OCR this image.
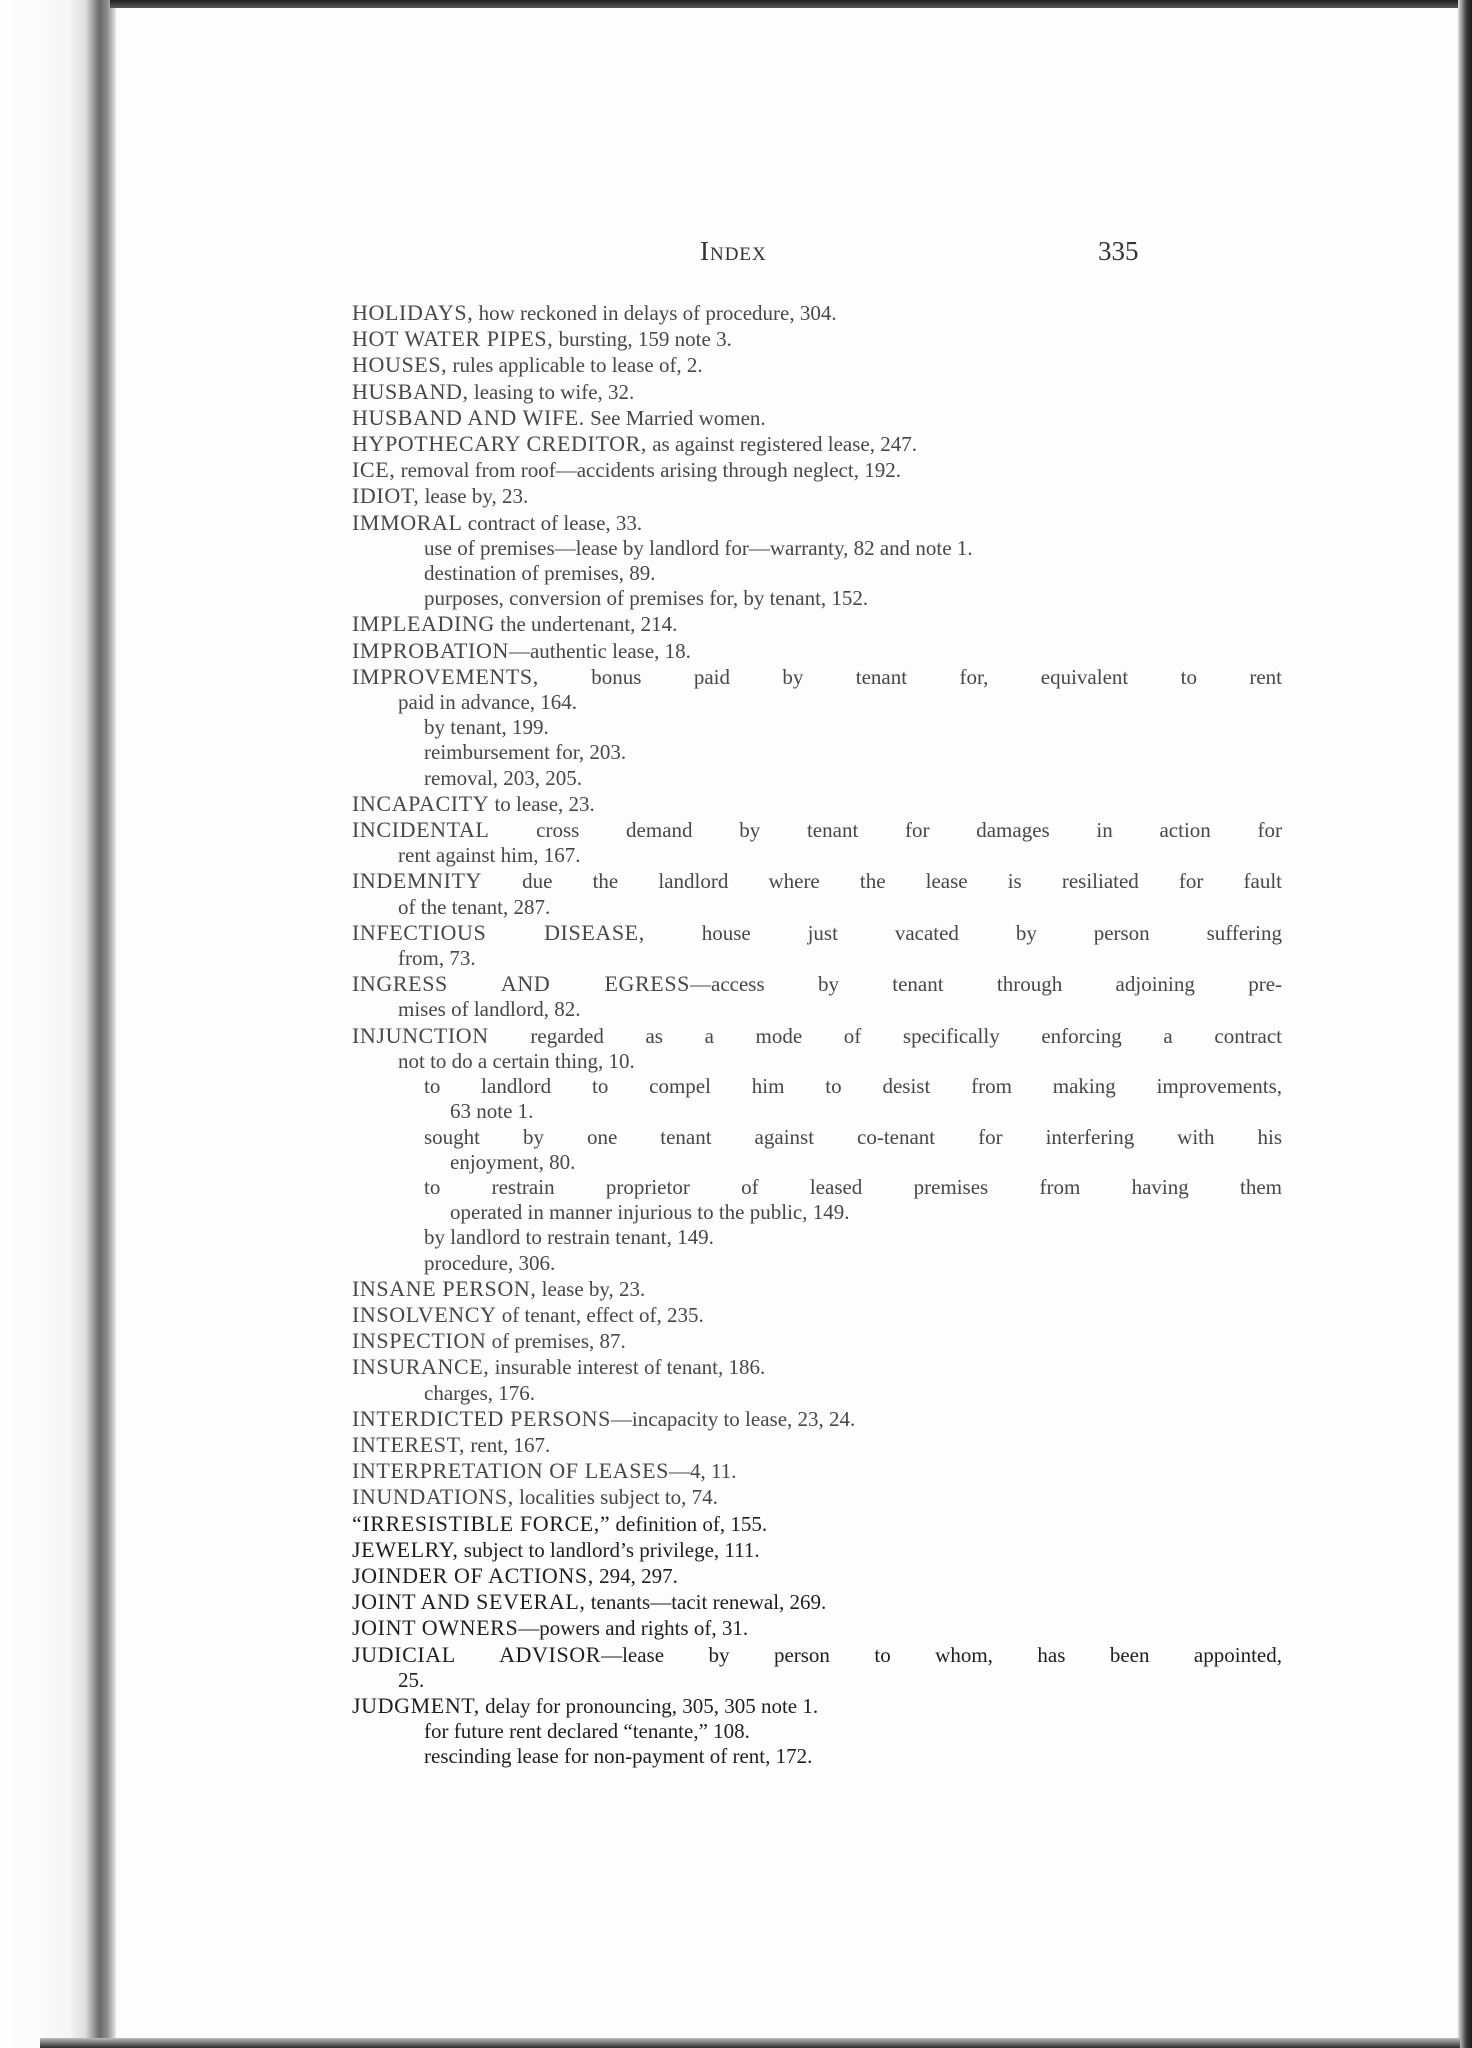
Index	335
HOLIDAYS, how reckoned in delays of procedure, 304.
HOT WATER PIPES, bursting, 159 note 3.
HOUSES, rules applicable to lease of, 2.
HUSBAND, leasing to wife, 32.
HUSBAND AND WIFE. See Married women.
HYPOTHECARY CREDITOR, as against registered lease, 247.
ICE, removal from roof—accidents arising through neglect, 192.
IDIOT, lease by, 23.
IMMORAL contract of lease, 33.
use of premises—lease by landlord for—warranty, 82 and note 1.
destination of premises, 89.
purposes, conversion of premises for, by tenant, 152.
IMPLEADING the undertenant, 214.
IMPROBATION—authentic lease, 18.
IMPROVEMENTS, bonus paid by tenant for, equivalent to rent
paid in advance, 164.
by tenant, 199.
reimbursement for, 203.
removal, 203, 205.
INCAPACITY to lease, 23.
INCIDENTAL cross demand by tenant for damages in action for
rent against him, 167.
INDEMNITY due the landlord where the lease is resiliated for fault
of the tenant, 287.
INFECTIOUS DISEASE, house just vacated by person suffering
from, 73.
INGRESS AND EGRESS—access by tenant through adjoining pre-
mises of landlord, 82.
INJUNCTION regarded as a mode of specifically enforcing a contract
not to do a certain thing, 10.
to landlord to compel him to desist from making improvements,
63 note 1.
sought by one tenant against co-tenant for interfering with his
enjoyment, 80.
to restrain proprietor of leased premises from having them
operated in manner injurious to the public, 149.
by landlord to restrain tenant, 149.
procedure, 306.
INSANE PERSON, lease by, 23.
INSOLVENCY of tenant, effect of, 235.
INSPECTION of premises, 87.
INSURANCE, insurable interest of tenant, 186.
charges, 176.
INTERDICTED PERSONS—incapacity to lease, 23, 24.
INTEREST, rent, 167.
INTERPRETATION OF LEASES—4, 11.
INUNDATIONS, localities subject to, 74.
“IRRESISTIBLE FORCE,” definition of, 155.
JEWELRY, subject to landlord’s privilege, 111.
JOINDER OF ACTIONS, 294, 297.
JOINT AND SEVERAL, tenants—tacit renewal, 269.
JOINT OWNERS—powers and rights of, 31.
JUDICIAL ADVISOR—lease by person to whom, has been appointed,
25.
JUDGMENT, delay for pronouncing, 305, 305 note 1.
for future rent declared “tenante,” 108.
rescinding lease for non-payment of rent, 172.
